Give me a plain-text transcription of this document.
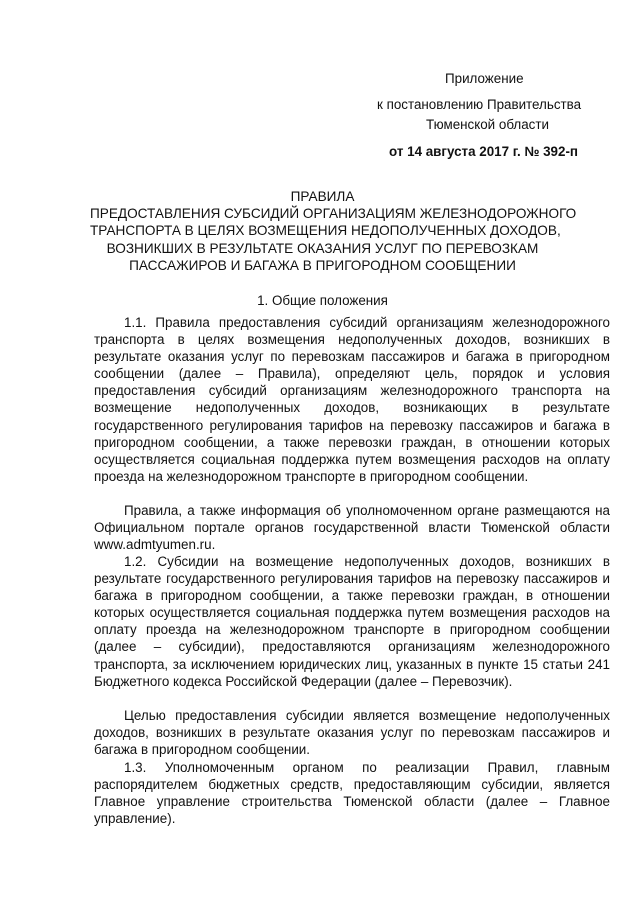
Приложение
к постановлению Правительства
Тюменской области
от 14 августа 2017 г. № 392-п
ПРАВИЛА
ПРЕДОСТАВЛЕНИЯ СУБСИДИЙ ОРГАНИЗАЦИЯМ ЖЕЛЕЗНОДОРОЖНОГО
ТРАНСПОРТА В ЦЕЛЯХ ВОЗМЕЩЕНИЯ НЕДОПОЛУЧЕННЫХ ДОХОДОВ,
ВОЗНИКШИХ В РЕЗУЛЬТАТЕ ОКАЗАНИЯ УСЛУГ ПО ПЕРЕВОЗКАМ
ПАССАЖИРОВ И БАГАЖА В ПРИГОРОДНОМ СООБЩЕНИИ
1. Общие положения

1.1. Правила предоставления субсидий организациям железнодорожного транспорта в целях возмещения недополученных доходов, возникших в результате оказания услуг по перевозкам пассажиров и багажа в пригородном сообщении (далее – Правила), определяют цель, порядок и условия предоставления субсидий организациям железнодорожного транспорта на возмещение недополученных доходов, возникающих в результате государственного регулирования тарифов на перевозку пассажиров и багажа в пригородном сообщении, а также перевозки граждан, в отношении которых осуществляется социальная поддержка путем возмещения расходов на оплату проезда на железнодорожном транспорте в пригородном сообщении.

Правила, а также информация об уполномоченном органе размещаются на Официальном портале органов государственной власти Тюменской области www.admtyumen.ru.

1.2. Субсидии на возмещение недополученных доходов, возникших в результате государственного регулирования тарифов на перевозку пассажиров и багажа в пригородном сообщении, а также перевозки граждан, в отношении которых осуществляется социальная поддержка путем возмещения расходов на оплату проезда на железнодорожном транспорте в пригородном сообщении (далее – субсидии), предоставляются организациям железнодорожного транспорта, за исключением юридических лиц, указанных в пункте 15 статьи 241 Бюджетного кодекса Российской Федерации (далее – Перевозчик).

Целью предоставления субсидии является возмещение недополученных доходов, возникших в результате оказания услуг по перевозкам пассажиров и багажа в пригородном сообщении.

1.3. Уполномоченным органом по реализации Правил, главным распорядителем бюджетных средств, предоставляющим субсидии, является Главное управление строительства Тюменской области (далее – Главное управление).
